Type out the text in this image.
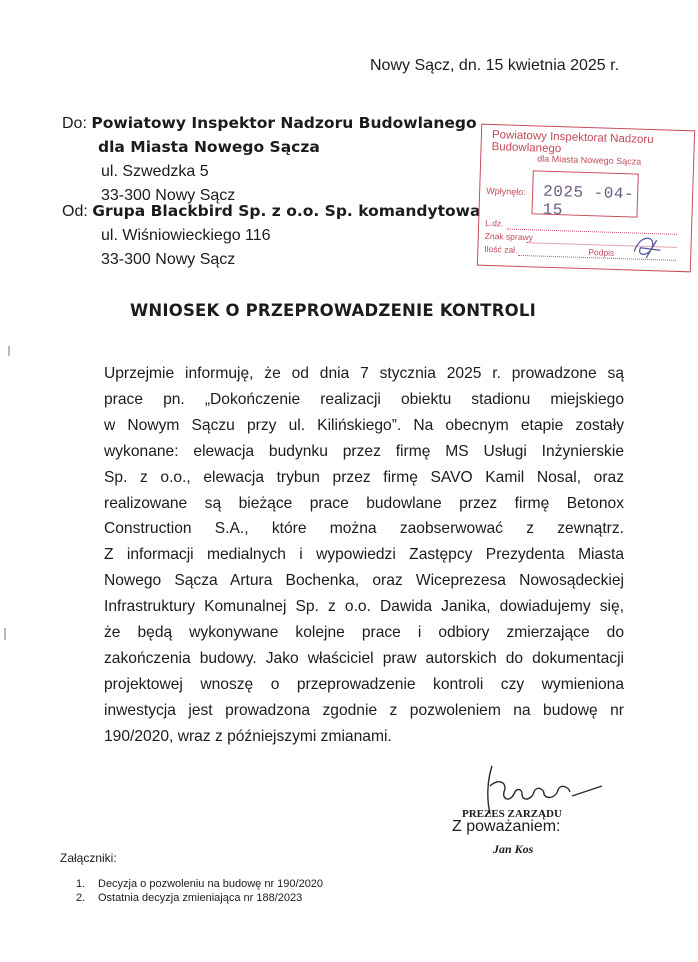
Nowy Sącz, dn. 15 kwietnia 2025 r.
Do: Powiatowy Inspektor Nadzoru Budowlanego
dla Miasta Nowego Sącza
ul. Szwedzka 5
33-300 Nowy Sącz
Od: Grupa Blackbird Sp. z o.o. Sp. komandytowa
ul. Wiśniowieckiego 116
33-300 Nowy Sącz
Powiatowy Inspektorat Nadzoru Budowlanego
dla Miasta Nowego Sącza
Wpłynęło: 2025 -04- 15
L.dz.
Znak sprawy
Ilość zał.	Podpis
WNIOSEK O PRZEPROWADZENIE KONTROLI
Uprzejmie informuję, że od dnia 7 stycznia 2025 r. prowadzone są
prace pn. „Dokończenie realizacji obiektu stadionu miejskiego
w Nowym Sączu przy ul. Kilińskiego”. Na obecnym etapie zostały
wykonane: elewacja budynku przez firmę MS Usługi Inżynierskie
Sp. z o.o., elewacja trybun przez firmę SAVO Kamil Nosal, oraz
realizowane są bieżące prace budowlane przez firmę Betonox
Construction S.A., które można zaobserwować z zewnątrz.
Z informacji medialnych i wypowiedzi Zastępcy Prezydenta Miasta
Nowego Sącza Artura Bochenka, oraz Wiceprezesa Nowosądeckiej
Infrastruktury Komunalnej Sp. z o.o. Dawida Janika, dowiadujemy się,
że będą wykonywane kolejne prace i odbiory zmierzające do
zakończenia budowy. Jako właściciel praw autorskich do dokumentacji
projektowej wnoszę o przeprowadzenie kontroli czy wymieniona
inwestycja jest prowadzona zgodnie z pozwoleniem na budowę nr
190/2020, wraz z późniejszymi zmianami.
PREZES ZARZĄDU
Z poważaniem:
Jan Kos
Załączniki:
1. Decyzja o pozwoleniu na budowę nr 190/2020
2. Ostatnia decyzja zmieniająca nr 188/2023
